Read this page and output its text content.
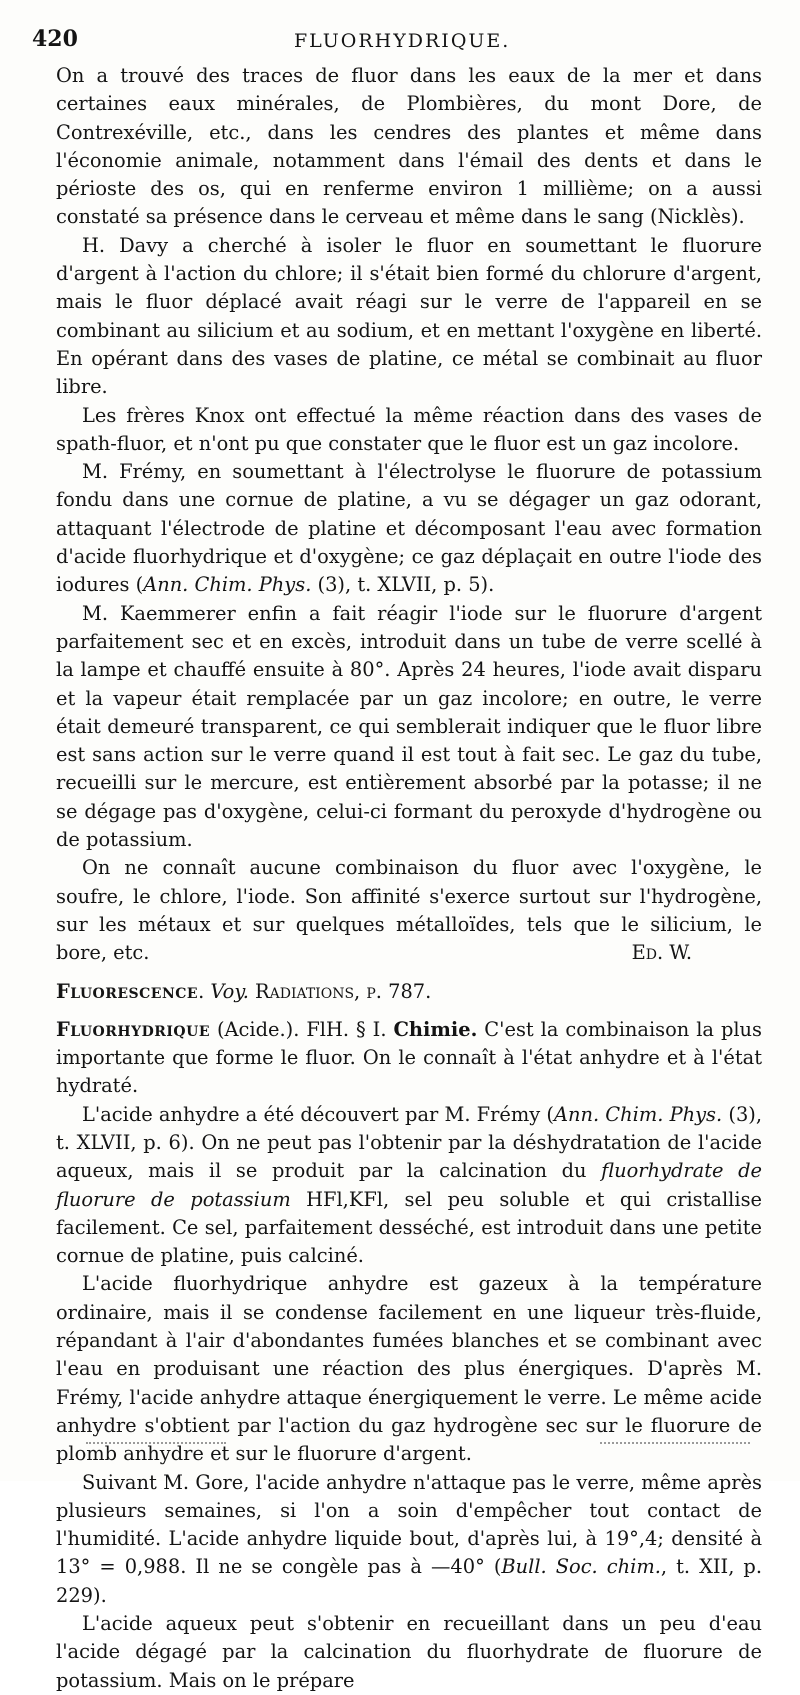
420	FLUORHYDRIQUE.

On a trouvé des traces de fluor dans les eaux de la mer et dans certaines eaux minérales, de Plombières, du mont Dore, de Contrexéville, etc., dans les cendres des plantes et même dans l'économie animale, notamment dans l'émail des dents et dans le périoste des os, qui en renferme environ 1 millième; on a aussi constaté sa présence dans le cerveau et même dans le sang (Nicklès).

H. Davy a cherché à isoler le fluor en soumettant le fluorure d'argent à l'action du chlore; il s'était bien formé du chlorure d'argent, mais le fluor déplacé avait réagi sur le verre de l'appareil en se combinant au silicium et au sodium, et en mettant l'oxygène en liberté. En opérant dans des vases de platine, ce métal se combinait au fluor libre.

Les frères Knox ont effectué la même réaction dans des vases de spath-fluor, et n'ont pu que constater que le fluor est un gaz incolore.

M. Frémy, en soumettant à l'électrolyse le fluorure de potassium fondu dans une cornue de platine, a vu se dégager un gaz odorant, attaquant l'électrode de platine et décomposant l'eau avec formation d'acide fluorhydrique et d'oxygène; ce gaz déplaçait en outre l'iode des iodures (Ann. Chim. Phys. (3), t. XLVII, p. 5).

M. Kaemmerer enfin a fait réagir l'iode sur le fluorure d'argent parfaitement sec et en excès, introduit dans un tube de verre scellé à la lampe et chauffé ensuite à 80°. Après 24 heures, l'iode avait disparu et la vapeur était remplacée par un gaz incolore; en outre, le verre était demeuré transparent, ce qui semblerait indiquer que le fluor libre est sans action sur le verre quand il est tout à fait sec. Le gaz du tube, recueilli sur le mercure, est entièrement absorbé par la potasse; il ne se dégage pas d'oxygène, celui-ci formant du peroxyde d'hydrogène ou de potassium.

On ne connaît aucune combinaison du fluor avec l'oxygène, le soufre, le chlore, l'iode. Son affinité s'exerce surtout sur l'hydrogène, sur les métaux et sur quelques métalloïdes, tels que le silicium, le bore, etc.	Ed. W.

Fluorescence. Voy. Radiations, p. 787.

Fluorhydrique (Acide.). FlH. § I. Chimie. C'est la combinaison la plus importante que forme le fluor. On le connaît à l'état anhydre et à l'état hydraté.

L'acide anhydre a été découvert par M. Frémy (Ann. Chim. Phys. (3), t. XLVII, p. 6). On ne peut pas l'obtenir par la déshydratation de l'acide aqueux, mais il se produit par la calcination du fluorhydrate de fluorure de potassium HFl,KFl, sel peu soluble et qui cristallise facilement. Ce sel, parfaitement desséché, est introduit dans une petite cornue de platine, puis calciné.

L'acide fluorhydrique anhydre est gazeux à la température ordinaire, mais il se condense facilement en une liqueur très-fluide, répandant à l'air d'abondantes fumées blanches et se combinant avec l'eau en produisant une réaction des plus énergiques. D'après M. Frémy, l'acide anhydre attaque énergiquement le verre. Le même acide anhydre s'obtient par l'action du gaz hydrogène sec sur le fluorure de plomb anhydre et sur le fluorure d'argent.

Suivant M. Gore, l'acide anhydre n'attaque pas le verre, même après plusieurs semaines, si l'on a soin d'empêcher tout contact de l'humidité. L'acide anhydre liquide bout, d'après lui, à 19°,4; densité à 13° = 0,988. Il ne se congèle pas à —40° (Bull. Soc. chim., t. XII, p. 229).

L'acide aqueux peut s'obtenir en recueillant dans un peu d'eau l'acide dégagé par la calcination du fluorhydrate de fluorure de potassium. Mais on le prépare
